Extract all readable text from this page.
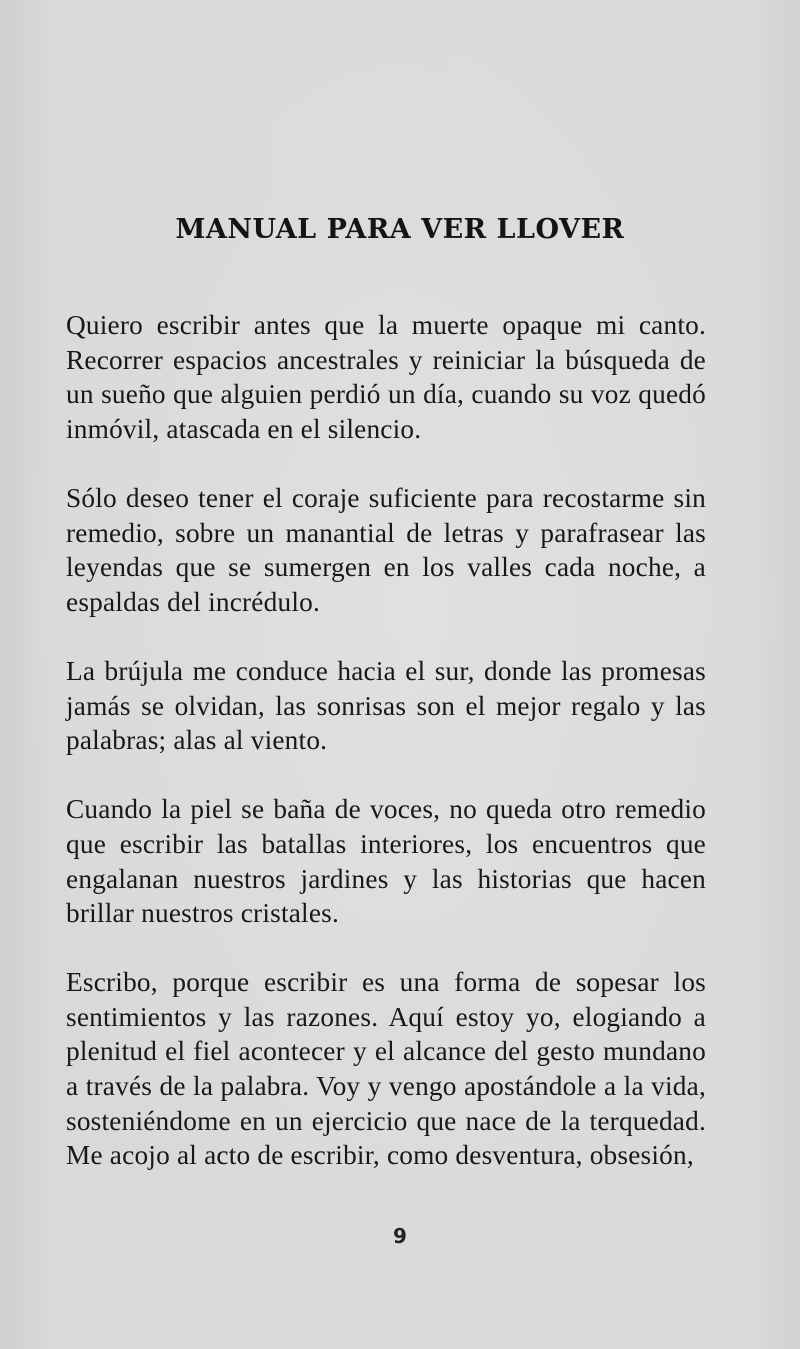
MANUAL PARA VER LLOVER

Quiero escribir antes que la muerte opaque mi canto. Recorrer espacios ancestrales y reiniciar la búsqueda de un sueño que alguien perdió un día, cuando su voz quedó inmóvil, atascada en el silencio.

Sólo deseo tener el coraje suficiente para recostarme sin remedio, sobre un manantial de letras y parafrasear las leyendas que se sumergen en los valles cada noche, a espaldas del incrédulo.

La brújula me conduce hacia el sur, donde las promesas jamás se olvidan, las sonrisas son el mejor regalo y las palabras; alas al viento.

Cuando la piel se baña de voces, no queda otro remedio que escribir las batallas interiores, los encuentros que engalanan nuestros jardines y las historias que hacen brillar nuestros cristales.

Escribo, porque escribir es una forma de sopesar los sentimientos y las razones. Aquí estoy yo, elogiando a plenitud el fiel acontecer y el alcance del gesto mundano a través de la palabra. Voy y vengo apostándole a la vida, sosteniéndome en un ejercicio que nace de la terquedad. Me acojo al acto de escribir, como desventura, obsesión,

9
